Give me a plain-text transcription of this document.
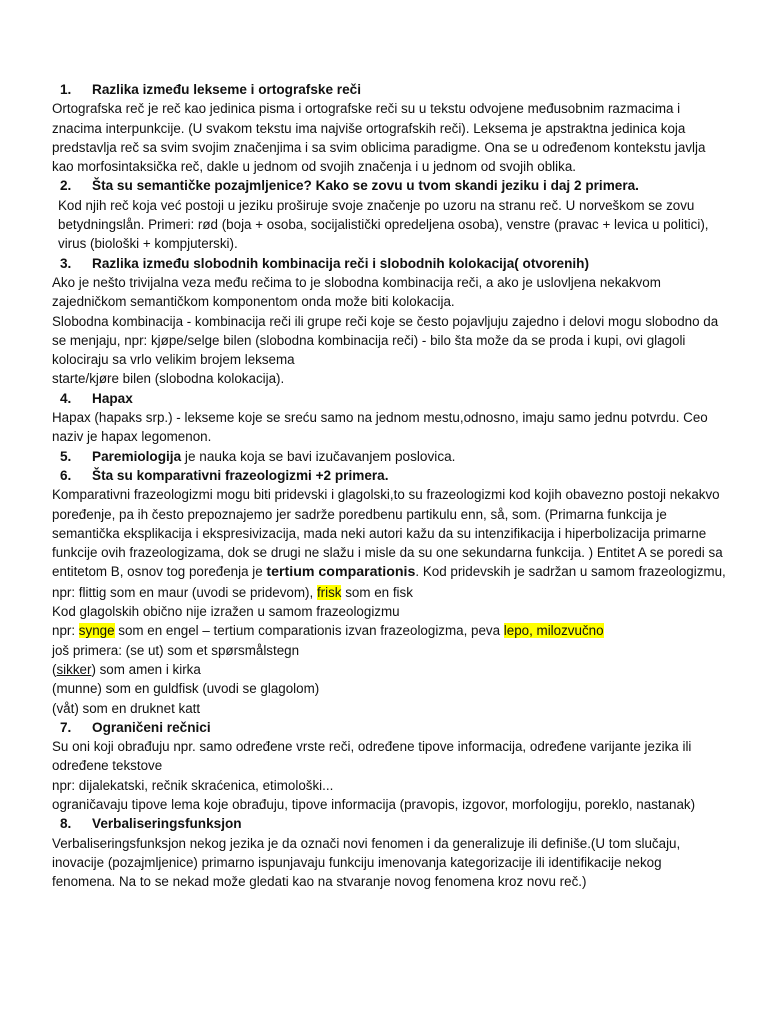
1.	Razlika između lekseme i ortografske reči

Ortografska reč je reč kao jedinica pisma i ortografske reči su u tekstu odvojene međusobnim razmacima i znacima interpunkcije. (U svakom tekstu ima najviše ortografskih reči). Leksema je apstraktna jedinica koja predstavlja reč sa svim svojim značenjima i sa svim oblicima paradigme. Ona se u određenom kontekstu javlja kao morfosintaksička reč, dakle u jednom od svojih značenja i u jednom od svojih oblika.

2.	Šta su semantičke pozajmljenice? Kako se zovu u tvom skandi jeziku i daj 2 primera.

Kod njih reč koja već postoji u jeziku proširuje svoje značenje po uzoru na stranu reč. U norveškom se zovu betydningslån. Primeri: rød (boja + osoba, socijalistički opredeljena osoba), venstre (pravac + levica u politici), virus (biološki + kompjuterski).

3.	Razlika između slobodnih kombinacija reči i slobodnih kolokacija( otvorenih)

Ako je nešto trivijalna veza među rečima to je slobodna kombinacija reči, a ako je uslovljena nekakvom zajedničkom semantičkom komponentom onda može biti kolokacija.

Slobodna kombinacija - kombinacija reči ili grupe reči koje se često pojavljuju zajedno i delovi mogu slobodno da se menjaju, npr: kjøpe/selge bilen (slobodna kombinacija reči) - bilo šta može da se proda i kupi, ovi glagoli kolociraju sa vrlo velikim brojem leksema

starte/kjøre bilen (slobodna kolokacija).

4.	Hapax

Hapax (hapaks srp.) - lekseme koje se sreću samo na jednom mestu,odnosno, imaju samo jednu potvrdu. Ceo naziv je hapax legomenon.

5.	Paremiologija je nauka koja se bavi izučavanjem poslovica.
6.	Šta su komparativni frazeologizmi +2 primera.

Komparativni frazeologizmi mogu biti pridevski i glagolski,to su frazeologizmi kod kojih obavezno postoji nekakvo poređenje, pa ih često prepoznajemo jer sadrže poredbenu partikulu enn, så, som. (Primarna funkcija je semantička eksplikacija i ekspresivizacija, mada neki autori kažu da su intenzifikacija i hiperbolizacija primarne funkcije ovih frazeologizama, dok se drugi ne slažu i misle da su one sekundarna funkcija. ) Entitet A se poredi sa entitetom B, osnov tog poređenja je tertium comparationis. Kod pridevskih je sadržan u samom frazeologizmu, npr: flittig som en maur (uvodi se pridevom), frisk som en fisk

Kod glagolskih obično nije izražen u samom frazeologizmu

npr: synge som en engel – tertium comparationis izvan frazeologizma, peva lepo, milozvučno

još primera: (se ut) som et spørsmålstegn

(sikker) som amen i kirka

(munne) som en guldfisk (uvodi se glagolom)

(våt) som en druknet katt

7.	Ograničeni rečnici

Su oni koji obrađuju npr. samo određene vrste reči, određene tipove informacija, određene varijante jezika ili određene tekstove

npr: dijalekatski, rečnik skraćenica, etimološki...

ograničavaju tipove lema koje obrađuju, tipove informacija (pravopis, izgovor, morfologiju, poreklo, nastanak)

8.	Verbaliseringsfunksjon

Verbaliseringsfunksjon nekog jezika je da označi novi fenomen i da generalizuje ili definiše.(U tom slučaju, inovacije (pozajmljenice) primarno ispunjavaju funkciju imenovanja kategorizacije ili identifikacije nekog fenomena. Na to se nekad može gledati kao na stvaranje novog fenomena kroz novu reč.)
